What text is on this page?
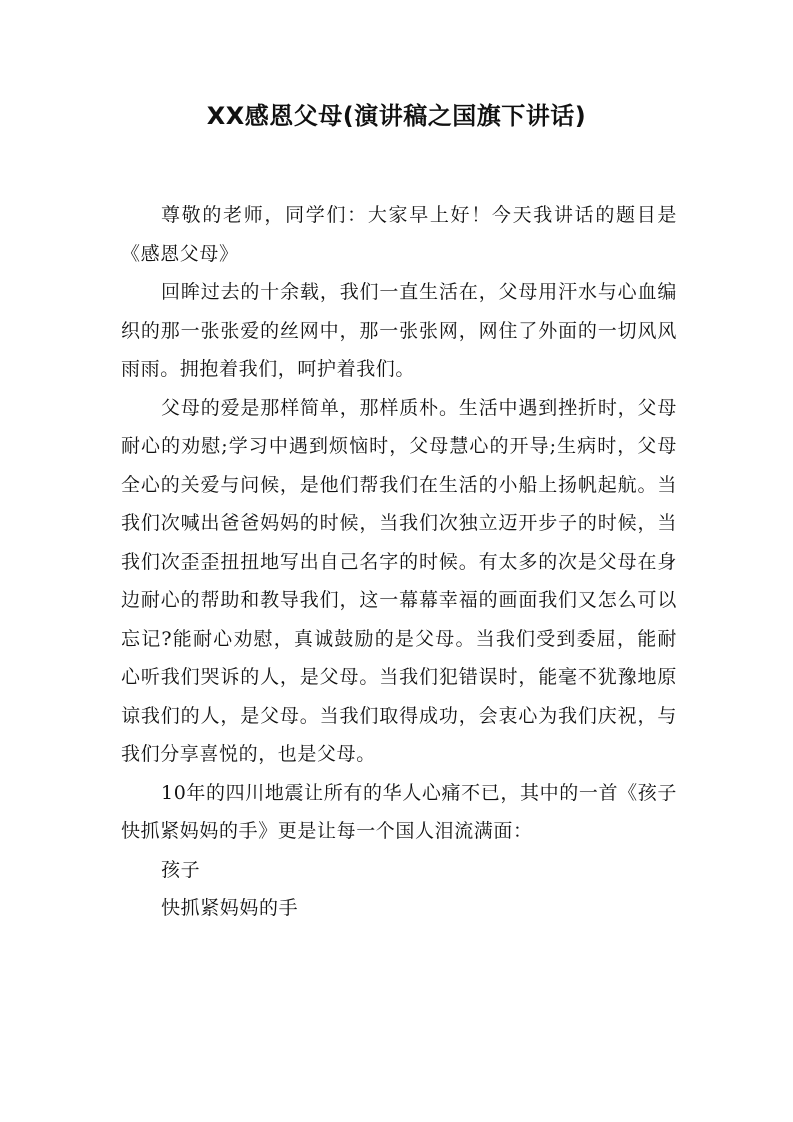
XX感恩父母(演讲稿之国旗下讲话)

尊敬的老师，同学们：大家早上好！今天我讲话的题目是《感恩父母》

回眸过去的十余载，我们一直生活在，父母用汗水与心血编织的那一张张爱的丝网中，那一张张网，网住了外面的一切风风雨雨。拥抱着我们，呵护着我们。

父母的爱是那样简单，那样质朴。生活中遇到挫折时，父母耐心的劝慰;学习中遇到烦恼时，父母慧心的开导;生病时，父母全心的关爱与问候，是他们帮我们在生活的小船上扬帆起航。当我们次喊出爸爸妈妈的时候，当我们次独立迈开步子的时候，当我们次歪歪扭扭地写出自己名字的时候。有太多的次是父母在身边耐心的帮助和教导我们，这一幕幕幸福的画面我们又怎么可以忘记?能耐心劝慰，真诚鼓励的是父母。当我们受到委屈，能耐心听我们哭诉的人，是父母。当我们犯错误时，能毫不犹豫地原谅我们的人，是父母。当我们取得成功，会衷心为我们庆祝，与我们分享喜悦的，也是父母。

10年的四川地震让所有的华人心痛不已，其中的一首《孩子快抓紧妈妈的手》更是让每一个国人泪流满面：

孩子

快抓紧妈妈的手
